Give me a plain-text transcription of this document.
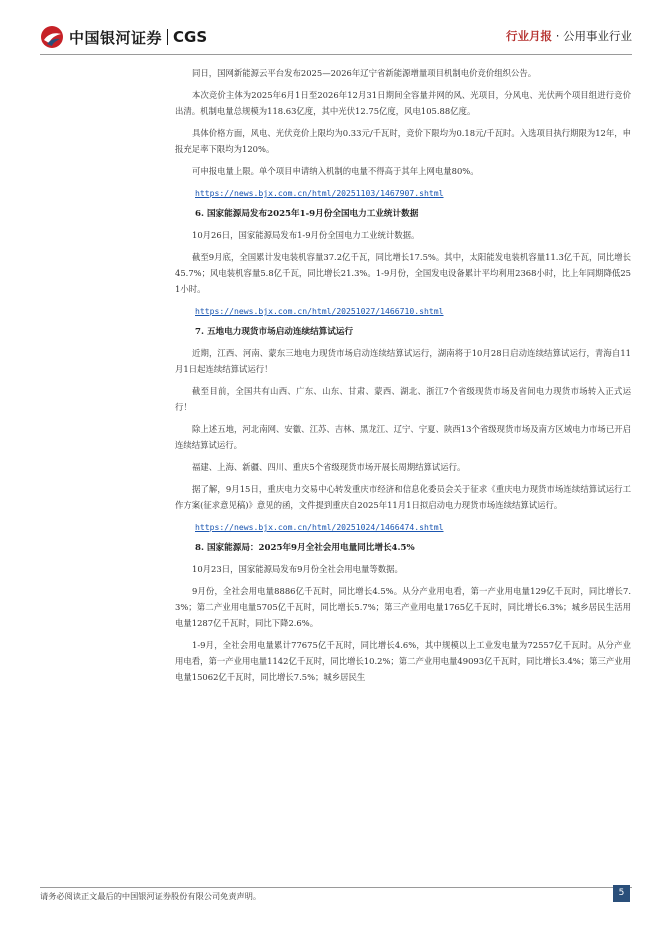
中国银河证券 CGS	行业月报 · 公用事业行业

同日，国网新能源云平台发布2025—2026年辽宁省新能源增量项目机制电价竞价组织公告。

本次竞价主体为2025年6月1日至2026年12月31日期间全容量并网的风、光项目，分风电、光伏两个项目组进行竞价出清。机制电量总规模为118.63亿度，其中光伏12.75亿度，风电105.88亿度。

具体价格方面，风电、光伏竞价上限均为0.33元/千瓦时，竞价下限均为0.18元/千瓦时。入选项目执行期限为12年，申报充足率下限均为120%。

可申报电量上限。单个项目申请纳入机制的电量不得高于其年上网电量80%。

https://news.bjx.com.cn/html/20251103/1467907.shtml
6. 国家能源局发布2025年1-9月份全国电力工业统计数据

10月26日，国家能源局发布1-9月份全国电力工业统计数据。

截至9月底，全国累计发电装机容量37.2亿千瓦，同比增长17.5%。其中，太阳能发电装机容量11.3亿千瓦，同比增长45.7%；风电装机容量5.8亿千瓦，同比增长21.3%。1-9月份，全国发电设备累计平均利用2368小时，比上年同期降低251小时。

https://news.bjx.com.cn/html/20251027/1466710.shtml
7. 五地电力现货市场启动连续结算试运行

近期，江西、河南、蒙东三地电力现货市场启动连续结算试运行，湖南将于10月28日启动连续结算试运行，青海自11月1日起连续结算试运行！

截至目前，全国共有山西、广东、山东、甘肃、蒙西、湖北、浙江7个省级现货市场及省间电力现货市场转入正式运行！

除上述五地，河北南网、安徽、江苏、吉林、黑龙江、辽宁、宁夏、陕西13个省级现货市场及南方区域电力市场已开启连续结算试运行。

福建、上海、新疆、四川、重庆5个省级现货市场开展长周期结算试运行。

据了解，9月15日，重庆电力交易中心转发重庆市经济和信息化委员会关于征求《重庆电力现货市场连续结算试运行工作方案(征求意见稿)》意见的函，文件提到重庆自2025年11月1日拟启动电力现货市场连续结算试运行。

https://news.bjx.com.cn/html/20251024/1466474.shtml
8. 国家能源局：2025年9月全社会用电量同比增长4.5%

10月23日，国家能源局发布9月份全社会用电量等数据。

9月份，全社会用电量8886亿千瓦时，同比增长4.5%。从分产业用电看，第一产业用电量129亿千瓦时，同比增长7.3%；第二产业用电量5705亿千瓦时，同比增长5.7%；第三产业用电量1765亿千瓦时，同比增长6.3%；城乡居民生活用电量1287亿千瓦时，同比下降2.6%。

1-9月，全社会用电量累计77675亿千瓦时，同比增长4.6%，其中规模以上工业发电量为72557亿千瓦时。从分产业用电看，第一产业用电量1142亿千瓦时，同比增长10.2%；第二产业用电量49093亿千瓦时，同比增长3.4%；第三产业用电量15062亿千瓦时，同比增长7.5%；城乡居民生

请务必阅读正文最后的中国银河证券股份有限公司免责声明。	5
